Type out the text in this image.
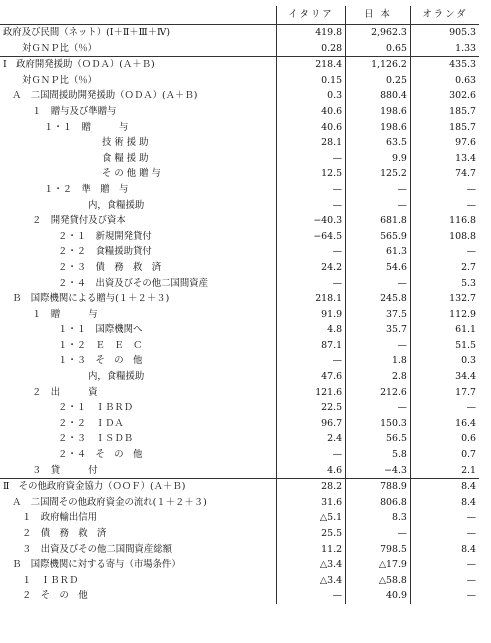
	イタリア	日 本	オランダ
政府及び民間（ネット）(Ⅰ＋Ⅱ＋Ⅲ＋Ⅳ)	419.8	2,962.3	905.3
対ＧＮＰ比（％）	0.28	0.65	1.33
Ⅰ　政府開発援助（ＯＤＡ）(Ａ＋Ｂ)	218.4	1,126.2	435.3
対ＧＮＰ比（％）	0.15	0.25	0.63
Ａ　二国間援助開発援助（ＯＤＡ）(Ａ＋Ｂ)	0.3	880.4	302.6
１　贈与及び準贈与	40.6	198.6	185.7
１・１　贈　　　与	40.6	198.6	185.7
技 術 援 助	28.1	63.5	97.6
食 糧 援 助	—	9.9	13.4
そ の 他 贈 与	12.5	125.2	74.7
１・２　準　贈　与	—	—	—
内，食糧援助	—	—	—
２　開発貸付及び資本	−40.3	681.8	116.8
２・１　新規開発貸付	−64.5	565.9	108.8
２・２　食糧援助貸付	—	61.3	—
２・３　債　務　救　済	24.2	54.6	2.7
２・４　出資及びその他二国間資産	—	—	5.3
Ｂ　国際機関による贈与(１＋２＋３)	218.1	245.8	132.7
１　贈　　　与	91.9	37.5	112.9
１・１　国際機関へ	4.8	35.7	61.1
１・２　Ｅ　Ｅ　Ｃ	87.1	—	51.5
１・３　そ　の　他	—	1.8	0.3
内，食糧援助	47.6	2.8	34.4
２　出　　　資	121.6	212.6	17.7
２・１　ＩＢＲＤ	22.5	—	—
２・２　ＩＤＡ	96.7	150.3	16.4
２・３　ＩＳＤＢ	2.4	56.5	0.6
２・４　そ　の　他	—	5.8	0.7
３　貸　　　付	4.6	−4.3	2.1
Ⅱ　その他政府資金協力（ＯＯＦ）(Ａ＋Ｂ)	28.2	788.9	8.4
Ａ　二国間その他政府資金の流れ(１＋２＋３)	31.6	806.8	8.4
１　政府輸出信用	△5.1	8.3	—
２　債　務　救　済	25.5	—	—
３　出資及びその他二国間資産総額	11.2	798.5	8.4
Ｂ　国際機関に対する寄与（市場条件）	△3.4	△17.9	—
１　ＩＢＲＤ	△3.4	△58.8	—
２　そ　の　他	—	40.9	—
